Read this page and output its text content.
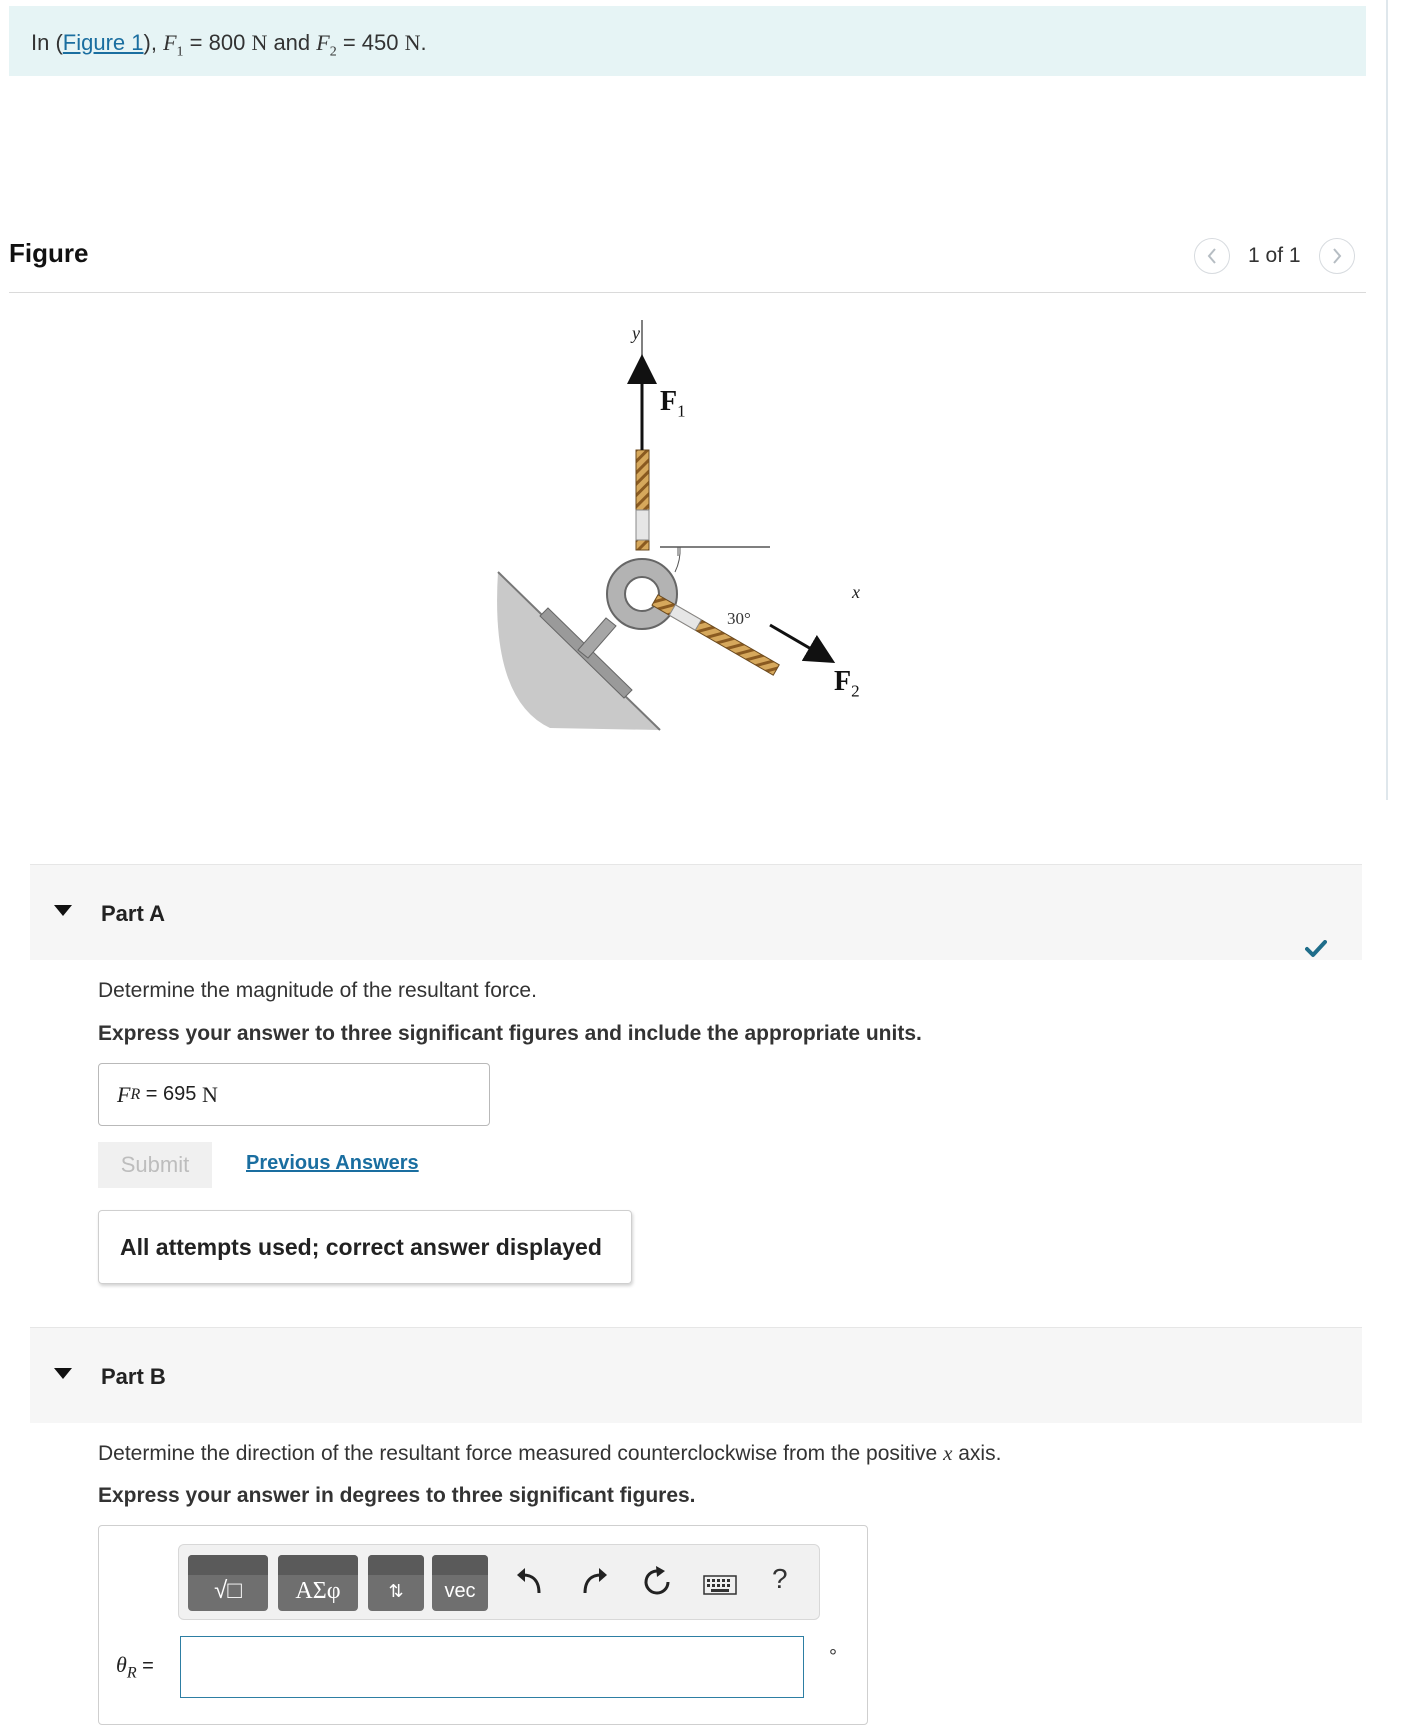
In (Figure 1), $F_1 = 800$ N and $F_2 = 450$ N.
Figure	1 of 1
y
$F_1$
x
30°
$F_2$
Part A
Determine the magnitude of the resultant force.
Express your answer to three significant figures and include the appropriate units.
F R = 695 N
Submit	Previous Answers
All attempts used; correct answer displayed
Part B
Determine the direction of the resultant force measured counterclockwise from the positive x axis.
Express your answer in degrees to three significant figures.
√□ ΑΣφ	⇅ vec	?
$\theta_R$ =	°
